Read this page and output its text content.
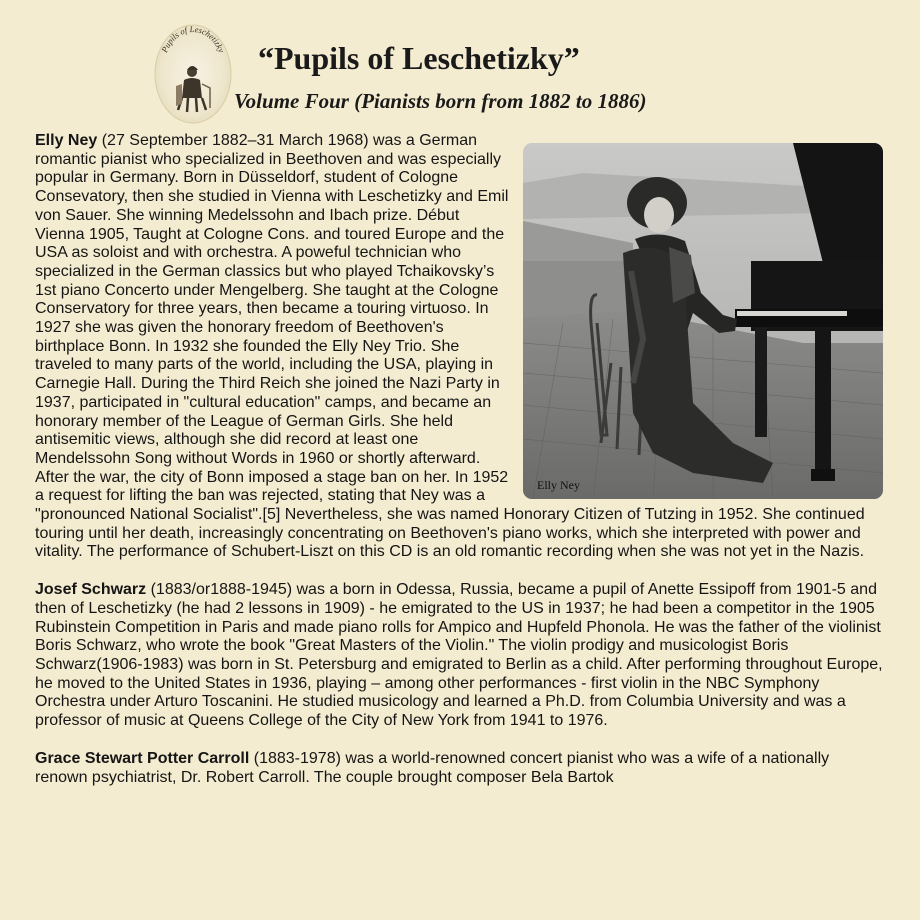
Pupils of Leschetizky “Pupils of Leschetizky”
Volume Four (Pianists born from 1882 to 1886)
Elly Ney

Elly Ney (27 September 1882–31 March 1968) was a German romantic pianist who specialized in Beethoven and was especially popular in Germany. Born in Düsseldorf, student of Cologne Consevatory, then she studied in Vienna with Leschetizky and Emil von Sauer. She winning Medelssohn and Ibach prize. Début Vienna 1905, Taught at Cologne Cons. and toured Europe and the USA as soloist and with orchestra. A poweful technician who specialized in the German classics but who played Tchaikovsky’s 1st piano Concerto under Mengelberg. She taught at the Cologne Conservatory for three years, then became a touring virtuoso. In 1927 she was given the honorary freedom of Beethoven's birthplace Bonn. In 1932 she founded the Elly Ney Trio. She traveled to many parts of the world, including the USA, playing in Carnegie Hall. During the Third Reich she joined the Nazi Party in 1937, participated in "cultural education" camps, and became an honorary member of the League of German Girls. She held antisemitic views, although she did record at least one Mendelssohn Song without Words in 1960 or shortly afterward. After the war, the city of Bonn imposed a stage ban on her. In 1952 a request for lifting the ban was rejected, stating that Ney was a "pronounced National Socialist".[5] Nevertheless, she was named Honorary Citizen of Tutzing in 1952. She continued touring until her death, increasingly concentrating on Beethoven's piano works, which she interpreted with power and vitality. The performance of Schubert-Liszt on this CD is an old romantic recording when she was not yet in the Nazis.

Josef Schwarz (1883/or1888-1945) was a born in Odessa, Russia, became a pupil of Anette Essipoff from 1901-5 and then of Leschetizky (he had 2 lessons in 1909) - he emigrated to the US in 1937; he had been a competitor in the 1905 Rubinstein Competition in Paris and made piano rolls for Ampico and Hupfeld Phonola. He was the father of the violinist Boris Schwarz, who wrote the book "Great Masters of the Violin." The violin prodigy and musicologist Boris Schwarz(1906-1983) was born in St. Petersburg and emigrated to Berlin as a child. After performing throughout Europe, he moved to the United States in 1936, playing – among other performances - first violin in the NBC Symphony Orchestra under Arturo Toscanini. He studied musicology and learned a Ph.D. from Columbia University and was a professor of music at Queens College of the City of New York from 1941 to 1976.

Grace Stewart Potter Carroll (1883-1978) was a world-renowned concert pianist who was a wife of a nationally renown psychiatrist, Dr. Robert Carroll. The couple brought composer Bela Bartok
